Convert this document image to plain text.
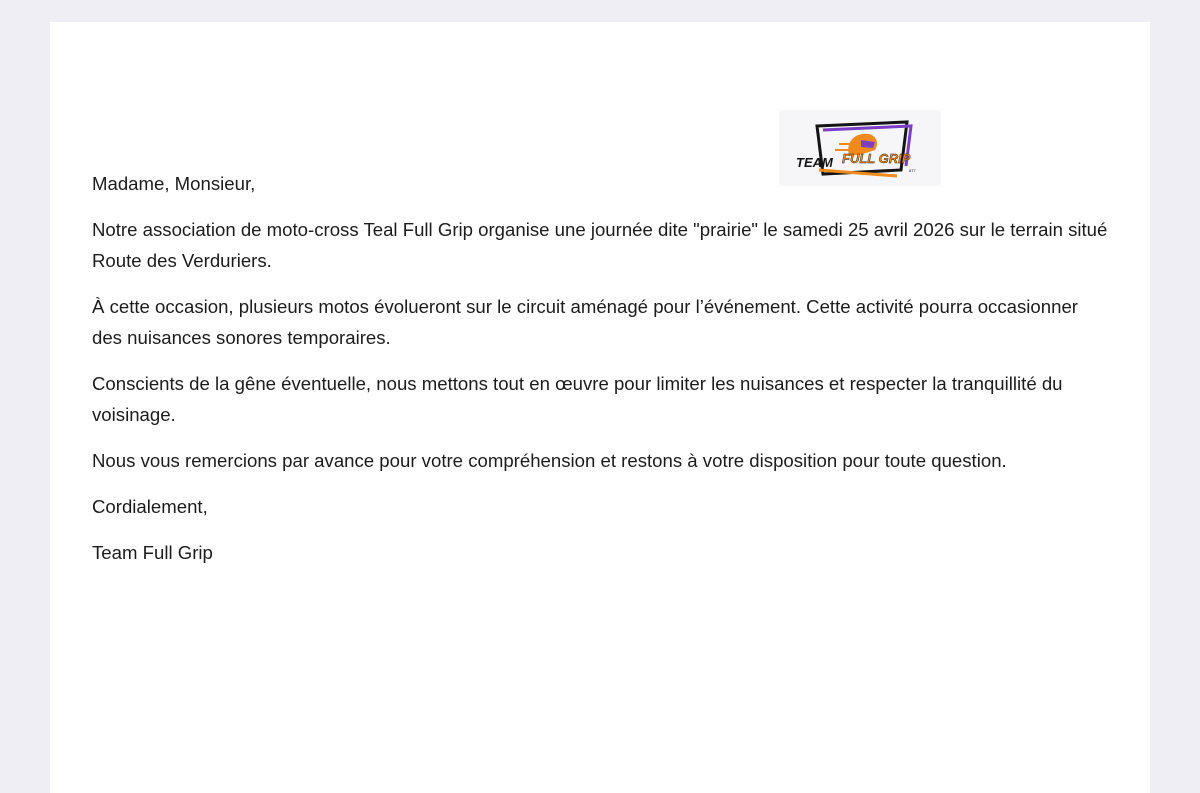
TEAM FULL GRIP
877

Madame, Monsieur,

Notre association de moto-cross Teal Full Grip organise une journée dite "prairie" le samedi 25 avril 2026 sur le terrain situé Route des Verduriers.

À cette occasion, plusieurs motos évolueront sur le circuit aménagé pour l’événement. Cette activité pourra occasionner des nuisances sonores temporaires.

Conscients de la gêne éventuelle, nous mettons tout en œuvre pour limiter les nuisances et respecter la tranquillité du voisinage.

Nous vous remercions par avance pour votre compréhension et restons à votre disposition pour toute question.

Cordialement,

Team Full Grip
